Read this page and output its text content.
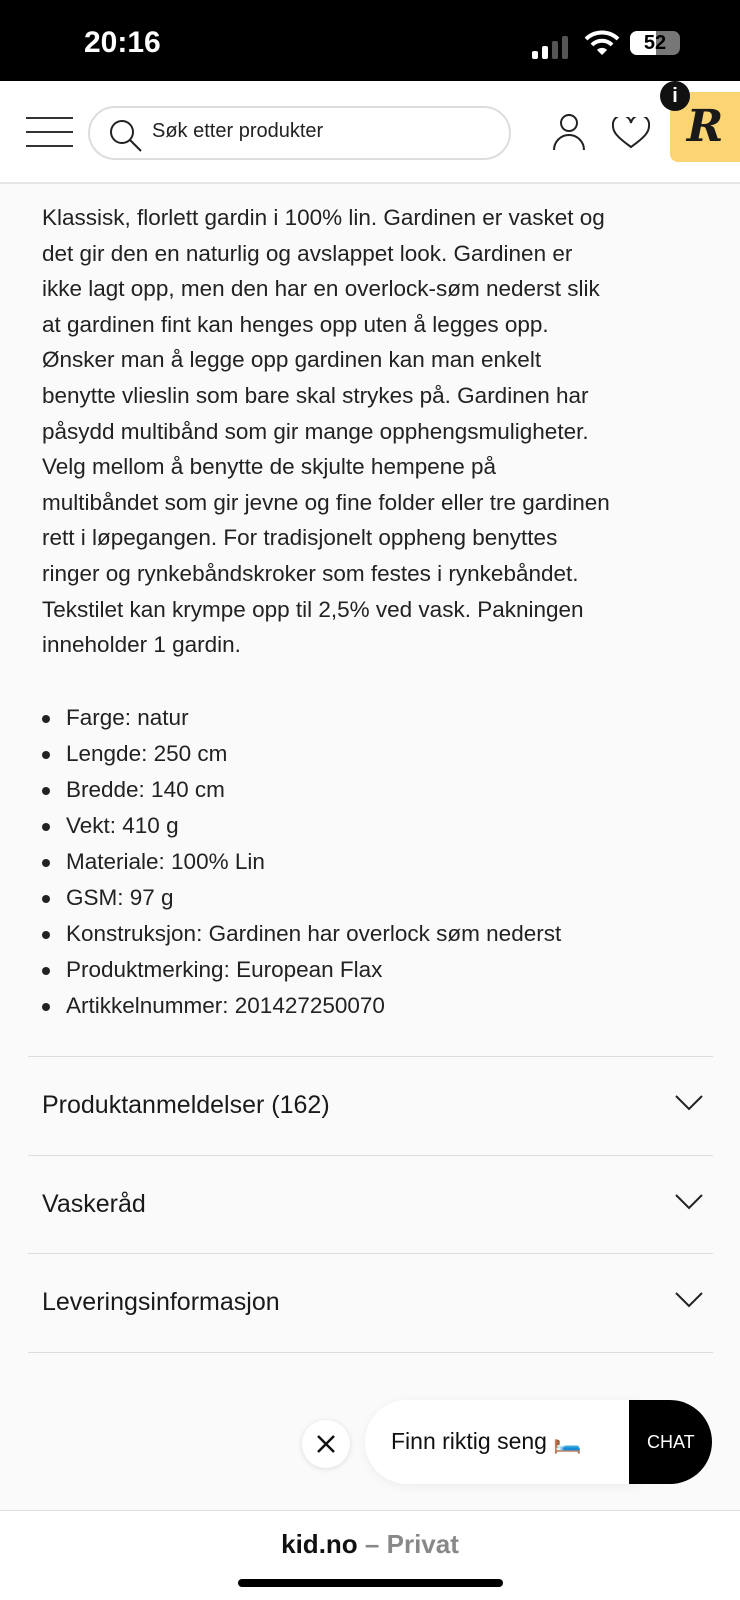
20:16	52
Søk etter produkter
R
i
Klassisk, florlett gardin i 100% lin. Gardinen er vasket og
det gir den en naturlig og avslappet look. Gardinen er
ikke lagt opp, men den har en overlock-søm nederst slik
at gardinen fint kan henges opp uten å legges opp.
Ønsker man å legge opp gardinen kan man enkelt
benytte vlieslin som bare skal strykes på. Gardinen har
påsydd multibånd som gir mange opphengsmuligheter.
Velg mellom å benytte de skjulte hempene på
multibåndet som gir jevne og fine folder eller tre gardinen
rett i løpegangen. For tradisjonelt oppheng benyttes
ringer og rynkebåndskroker som festes i rynkebåndet.
Tekstilet kan krympe opp til 2,5% ved vask. Pakningen
inneholder 1 gardin.
Farge: natur
Lengde: 250 cm
Bredde: 140 cm
Vekt: 410 g
Materiale: 100% Lin
GSM: 97 g
Konstruksjon: Gardinen har overlock søm nederst
Produktmerking: European Flax
Artikkelnummer: 201427250070
Produktanmeldelser (162)
Vaskeråd
Leveringsinformasjon
Finn riktig seng 🛏️	CHAT
kid.no – Privat
